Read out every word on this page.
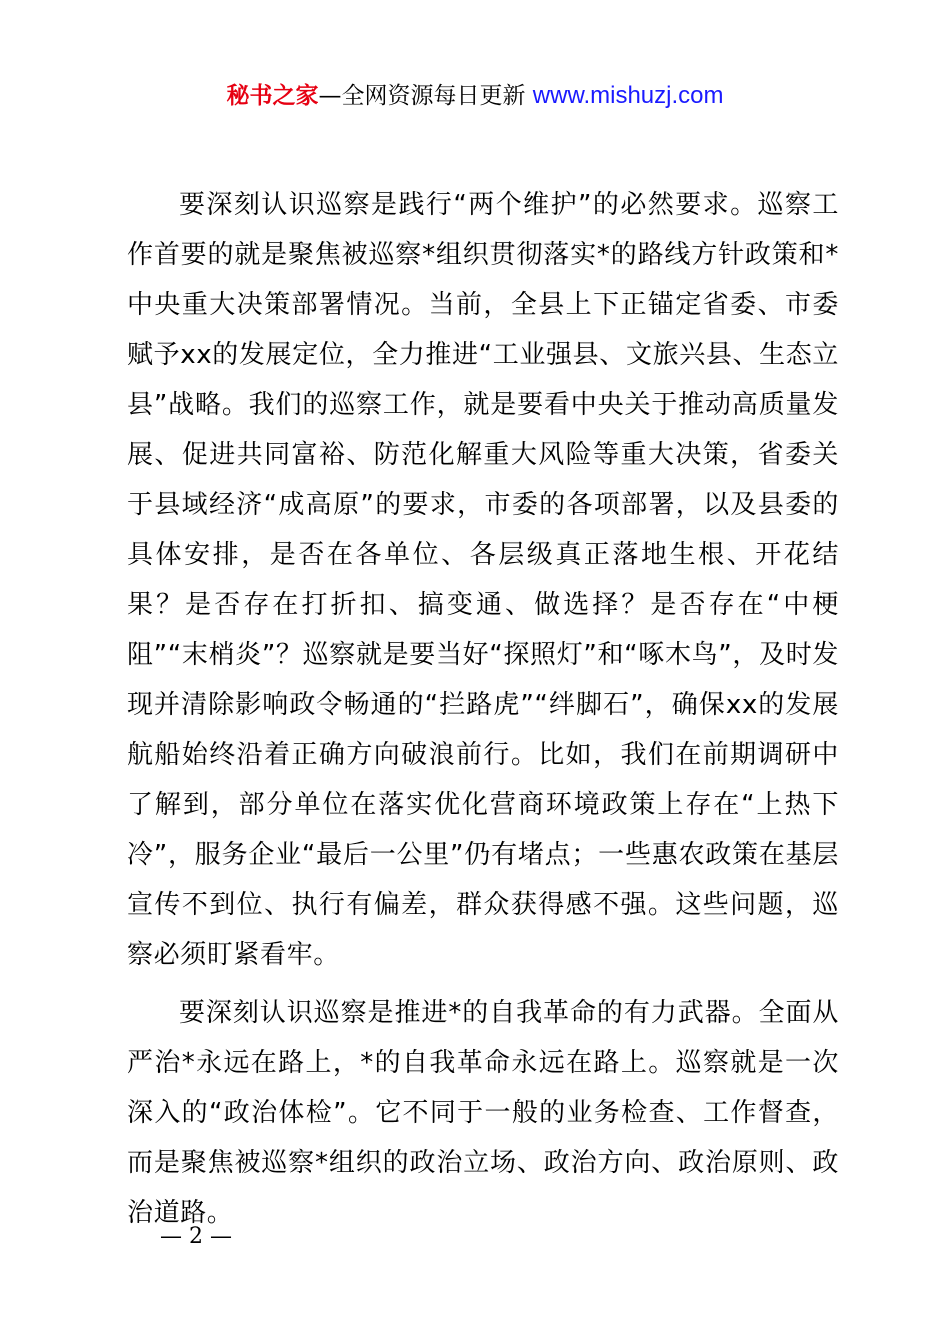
秘书之家—全网资源每日更新 www.mishuzj.com

要深刻认识巡察是践行“两个维护”的必然要求。巡察工作首要的就是聚焦被巡察*组织贯彻落实*的路线方针政策和*中央重大决策部署情况。当前，全县上下正锚定省委、市委赋予xx的发展定位，全力推进“工业强县、文旅兴县、生态立县”战略。我们的巡察工作，就是要看中央关于推动高质量发展、促进共同富裕、防范化解重大风险等重大决策，省委关于县域经济“成高原”的要求，市委的各项部署，以及县委的具体安排，是否在各单位、各层级真正落地生根、开花结果？是否存在打折扣、搞变通、做选择？是否存在“中梗阻”“末梢炎”？巡察就是要当好“探照灯”和“啄木鸟”，及时发现并清除影响政令畅通的“拦路虎”“绊脚石”，确保xx的发展航船始终沿着正确方向破浪前行。比如，我们在前期调研中了解到，部分单位在落实优化营商环境政策上存在“上热下冷”，服务企业“最后一公里”仍有堵点；一些惠农政策在基层宣传不到位、执行有偏差，群众获得感不强。这些问题，巡察必须盯紧看牢。

要深刻认识巡察是推进*的自我革命的有力武器。全面从严治*永远在路上，*的自我革命永远在路上。巡察就是一次深入的“政治体检”。它不同于一般的业务检查、工作督查，而是聚焦被巡察*组织的政治立场、政治方向、政治原则、政治道路。

— 2 —
